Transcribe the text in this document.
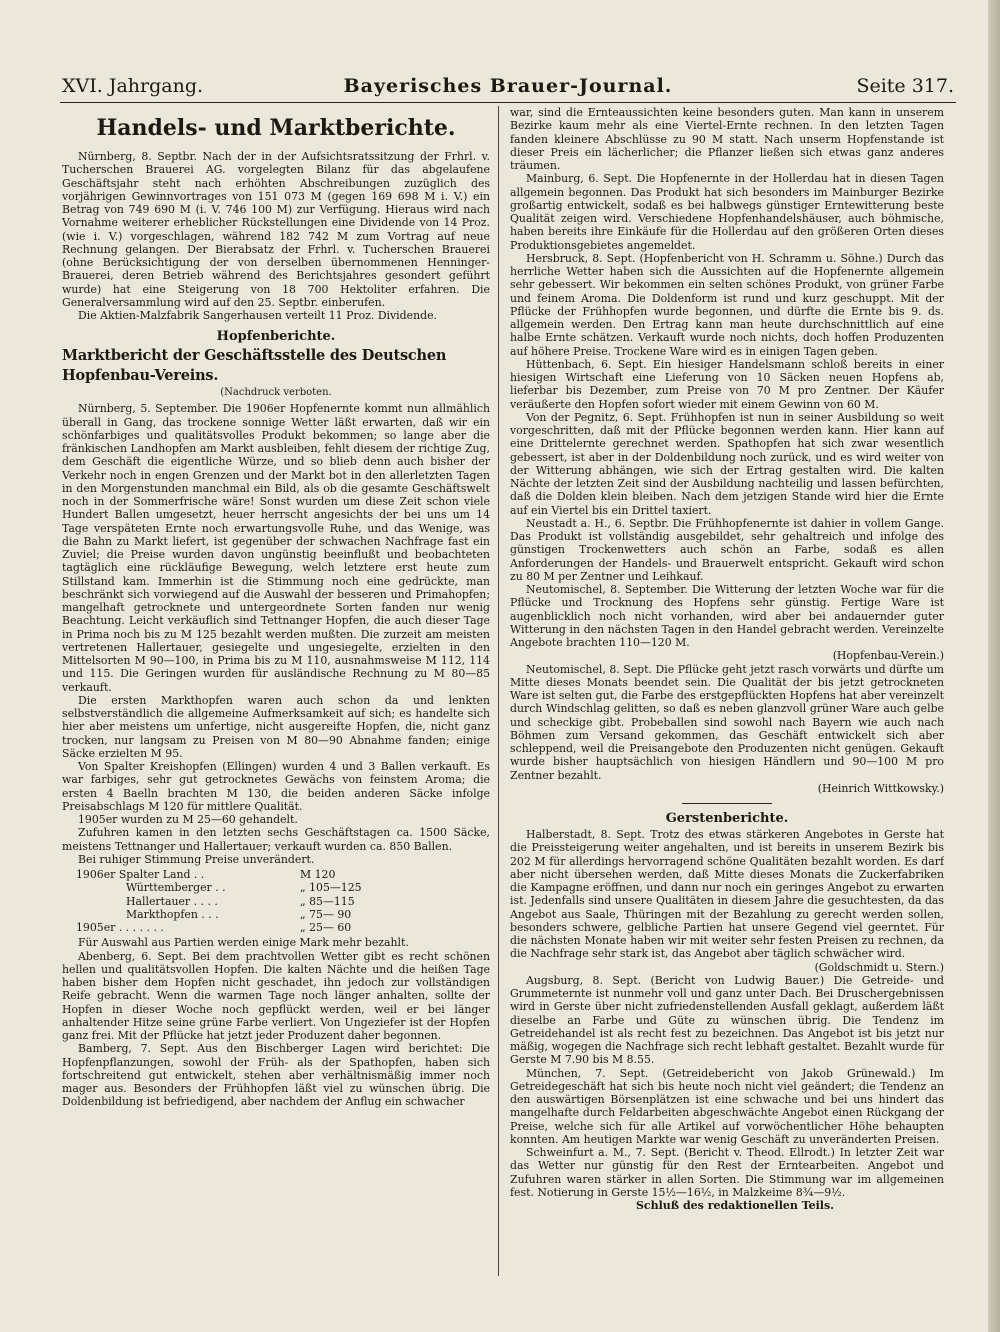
XVI. Jahrgang.	Bayerisches Brauer-Journal.	Seite 317.
Handels- und Marktberichte.

Nürnberg, 8. Septbr. Nach der in der Aufsichtsratssitzung der Frhrl. v. Tucherschen Brauerei AG. vorgelegten Bilanz für das abgelaufene Geschäftsjahr steht nach erhöhten Abschreibungen zuzüglich des vorjährigen Gewinnvortrages von 151 073 M (gegen 169 698 M i. V.) ein Betrag von 749 690 M (i. V. 746 100 M) zur Verfügung. Hieraus wird nach Vornahme weiterer erheblicher Rückstellungen eine Dividende von 14 Proz. (wie i. V.) vorgeschlagen, während 182 742 M zum Vortrag auf neue Rechnung gelangen. Der Bierabsatz der Frhrl. v. Tucherschen Brauerei (ohne Berücksichtigung der von derselben übernommenen Henninger-Brauerei, deren Betrieb während des Berichtsjahres gesondert geführt wurde) hat eine Steigerung von 18 700 Hektoliter erfahren. Die Generalversammlung wird auf den 25. Septbr. einberufen.

Die Aktien-Malzfabrik Sangerhausen verteilt 11 Proz. Dividende.

Hopfenberichte.
Marktbericht der Geschäftsstelle des Deutschen Hopfenbau-Vereins.
(Nachdruck verboten.

Nürnberg, 5. September. Die 1906er Hopfenernte kommt nun allmählich überall in Gang, das trockene sonnige Wetter läßt erwarten, daß wir ein schönfarbiges und qualitätsvolles Produkt bekommen; so lange aber die fränkischen Landhopfen am Markt ausbleiben, fehlt diesem der richtige Zug, dem Geschäft die eigentliche Würze, und so blieb denn auch bisher der Verkehr noch in engen Grenzen und der Markt bot in den allerletzten Tagen in den Morgenstunden manchmal ein Bild, als ob die gesamte Geschäftswelt noch in der Sommerfrische wäre! Sonst wurden um diese Zeit schon viele Hundert Ballen umgesetzt, heuer herrscht angesichts der bei uns um 14 Tage verspäteten Ernte noch erwartungsvolle Ruhe, und das Wenige, was die Bahn zu Markt liefert, ist gegenüber der schwachen Nachfrage fast ein Zuviel; die Preise wurden davon ungünstig beeinflußt und beobachteten tagtäglich eine rückläufige Bewegung, welch letztere erst heute zum Stillstand kam. Immerhin ist die Stimmung noch eine gedrückte, man beschränkt sich vorwiegend auf die Auswahl der besseren und Primahopfen; mangelhaft getrocknete und untergeordnete Sorten fanden nur wenig Beachtung. Leicht verkäuflich sind Tettnanger Hopfen, die auch dieser Tage in Prima noch bis zu M 125 bezahlt werden mußten. Die zurzeit am meisten vertretenen Hallertauer, gesiegelte und ungesiegelte, erzielten in den Mittelsorten M 90—100, in Prima bis zu M 110, ausnahmsweise M 112, 114 und 115. Die Geringen wurden für ausländische Rechnung zu M 80—85 verkauft.

Die ersten Markthopfen waren auch schon da und lenkten selbstverständlich die allgemeine Aufmerksamkeit auf sich; es handelte sich hier aber meistens um unfertige, nicht ausgereifte Hopfen, die, nicht ganz trocken, nur langsam zu Preisen von M 80—90 Abnahme fanden; einige Säcke erzielten M 95.

Von Spalter Kreishopfen (Ellingen) wurden 4 und 3 Ballen verkauft. Es war farbiges, sehr gut getrocknetes Gewächs von feinstem Aroma; die ersten 4 Baelln brachten M 130, die beiden anderen Säcke infolge Preisabschlags M 120 für mittlere Qualität.

1905er wurden zu M 25—60 gehandelt.

Zufuhren kamen in den letzten sechs Geschäftstagen ca. 1500 Säcke, meistens Tettnanger und Hallertauer; verkauft wurden ca. 850 Ballen.

Bei ruhiger Stimmung Preise unverändert.

1906er Spalter Land . .	M 120
Württemberger . .	„ 105—125
Hallertauer . . . .	„ 85—115
Markthopfen . . .	„ 75— 90
1905er . . . . . . .	„ 25— 60

Für Auswahl aus Partien werden einige Mark mehr bezahlt.

Abenberg, 6. Sept. Bei dem prachtvollen Wetter gibt es recht schönen hellen und qualitätsvollen Hopfen. Die kalten Nächte und die heißen Tage haben bisher dem Hopfen nicht geschadet, ihn jedoch zur vollständigen Reife gebracht. Wenn die warmen Tage noch länger anhalten, sollte der Hopfen in dieser Woche noch gepflückt werden, weil er bei länger anhaltender Hitze seine grüne Farbe verliert. Von Ungeziefer ist der Hopfen ganz frei. Mit der Pflücke hat jetzt jeder Produzent daher begonnen.

Bamberg, 7. Sept. Aus den Bischberger Lagen wird berichtet: Die Hopfenpflanzungen, sowohl der Früh- als der Spathopfen, haben sich fortschreitend gut entwickelt, stehen aber verhältnismäßig immer noch mager aus. Besonders der Frühhopfen läßt viel zu wünschen übrig. Die Doldenbildung ist befriedigend, aber nachdem der Anflug ein schwacher

war, sind die Ernteaussichten keine besonders guten. Man kann in unserem Bezirke kaum mehr als eine Viertel-Ernte rechnen. In den letzten Tagen fanden kleinere Abschlüsse zu 90 M statt. Nach unserm Hopfenstande ist dieser Preis ein lächerlicher; die Pflanzer ließen sich etwas ganz anderes träumen.

Mainburg, 6. Sept. Die Hopfenernte in der Hollerdau hat in diesen Tagen allgemein begonnen. Das Produkt hat sich besonders im Mainburger Bezirke großartig entwickelt, sodaß es bei halbwegs günstiger Erntewitterung beste Qualität zeigen wird. Verschiedene Hopfenhandelshäuser, auch böhmische, haben bereits ihre Einkäufe für die Hollerdau auf den größeren Orten dieses Produktionsgebietes angemeldet.

Hersbruck, 8. Sept. (Hopfenbericht von H. Schramm u. Söhne.) Durch das herrliche Wetter haben sich die Aussichten auf die Hopfenernte allgemein sehr gebessert. Wir bekommen ein selten schönes Produkt, von grüner Farbe und feinem Aroma. Die Doldenform ist rund und kurz geschuppt. Mit der Pflücke der Frühhopfen wurde begonnen, und dürfte die Ernte bis 9. ds. allgemein werden. Den Ertrag kann man heute durchschnittlich auf eine halbe Ernte schätzen. Verkauft wurde noch nichts, doch hoffen Produzenten auf höhere Preise. Trockene Ware wird es in einigen Tagen geben.

Hüttenbach, 6. Sept. Ein hiesiger Handelsmann schloß bereits in einer hiesigen Wirtschaft eine Lieferung von 10 Säcken neuen Hopfens ab, lieferbar bis Dezember, zum Preise von 70 M pro Zentner. Der Käufer veräußerte den Hopfen sofort wieder mit einem Gewinn von 60 M.

Von der Pegnitz, 6. Sept. Frühhopfen ist nun in seiner Ausbildung so weit vorgeschritten, daß mit der Pflücke begonnen werden kann. Hier kann auf eine Drittelernte gerechnet werden. Spathopfen hat sich zwar wesentlich gebessert, ist aber in der Doldenbildung noch zurück, und es wird weiter von der Witterung abhängen, wie sich der Ertrag gestalten wird. Die kalten Nächte der letzten Zeit sind der Ausbildung nachteilig und lassen befürchten, daß die Dolden klein bleiben. Nach dem jetzigen Stande wird hier die Ernte auf ein Viertel bis ein Drittel taxiert.

Neustadt a. H., 6. Septbr. Die Frühhopfenernte ist dahier in vollem Gange. Das Produkt ist vollständig ausgebildet, sehr gehaltreich und infolge des günstigen Trockenwetters auch schön an Farbe, sodaß es allen Anforderungen der Handels- und Brauerwelt entspricht. Gekauft wird schon zu 80 M per Zentner und Leihkauf.

Neutomischel, 8. September. Die Witterung der letzten Woche war für die Pflücke und Trocknung des Hopfens sehr günstig. Fertige Ware ist augenblicklich noch nicht vorhanden, wird aber bei andauernder guter Witterung in den nächsten Tagen in den Handel gebracht werden. Vereinzelte Angebote brachten 110—120 M.

(Hopfenbau-Verein.)

Neutomischel, 8. Sept. Die Pflücke geht jetzt rasch vorwärts und dürfte um Mitte dieses Monats beendet sein. Die Qualität der bis jetzt getrockneten Ware ist selten gut, die Farbe des erstgepflückten Hopfens hat aber vereinzelt durch Windschlag gelitten, so daß es neben glanzvoll grüner Ware auch gelbe und scheckige gibt. Probeballen sind sowohl nach Bayern wie auch nach Böhmen zum Versand gekommen, das Geschäft entwickelt sich aber schleppend, weil die Preisangebote den Produzenten nicht genügen. Gekauft wurde bisher hauptsächlich von hiesigen Händlern und 90—100 M pro Zentner bezahlt.

(Heinrich Wittkowsky.)

Gerstenberichte.

Halberstadt, 8. Sept. Trotz des etwas stärkeren Angebotes in Gerste hat die Preissteigerung weiter angehalten, und ist bereits in unserem Bezirk bis 202 M für allerdings hervorragend schöne Qualitäten bezahlt worden. Es darf aber nicht übersehen werden, daß Mitte dieses Monats die Zuckerfabriken die Kampagne eröffnen, und dann nur noch ein geringes Angebot zu erwarten ist. Jedenfalls sind unsere Qualitäten in diesem Jahre die gesuchtesten, da das Angebot aus Saale, Thüringen mit der Bezahlung zu gerecht werden sollen, besonders schwere, gelbliche Partien hat unsere Gegend viel geerntet. Für die nächsten Monate haben wir mit weiter sehr festen Preisen zu rechnen, da die Nachfrage sehr stark ist, das Angebot aber täglich schwächer wird.

(Goldschmidt u. Stern.)

Augsburg, 8. Sept. (Bericht von Ludwig Bauer.) Die Getreide- und Grummeternte ist nunmehr voll und ganz unter Dach. Bei Druschergebnissen wird in Gerste über nicht zufriedenstellenden Ausfall geklagt, außerdem läßt dieselbe an Farbe und Güte zu wünschen übrig. Die Tendenz im Getreidehandel ist als recht fest zu bezeichnen. Das Angebot ist bis jetzt nur mäßig, wogegen die Nachfrage sich recht lebhaft gestaltet. Bezahlt wurde für Gerste M 7.90 bis M 8.55.

München, 7. Sept. (Getreidebericht von Jakob Grünewald.) Im Getreidegeschäft hat sich bis heute noch nicht viel geändert; die Tendenz an den auswärtigen Börsenplätzen ist eine schwache und bei uns hindert das mangelhafte durch Feldarbeiten abgeschwächte Angebot einen Rückgang der Preise, welche sich für alle Artikel auf vorwöchentlicher Höhe behaupten konnten. Am heutigen Markte war wenig Geschäft zu unveränderten Preisen.

Schweinfurt a. M., 7. Sept. (Bericht v. Theod. Ellrodt.) In letzter Zeit war das Wetter nur günstig für den Rest der Erntearbeiten. Angebot und Zufuhren waren stärker in allen Sorten. Die Stimmung war im allgemeinen fest. Notierung in Gerste 15½—16½, in Malzkeime 8¾—9½.

Schluß des redaktionellen Teils.
